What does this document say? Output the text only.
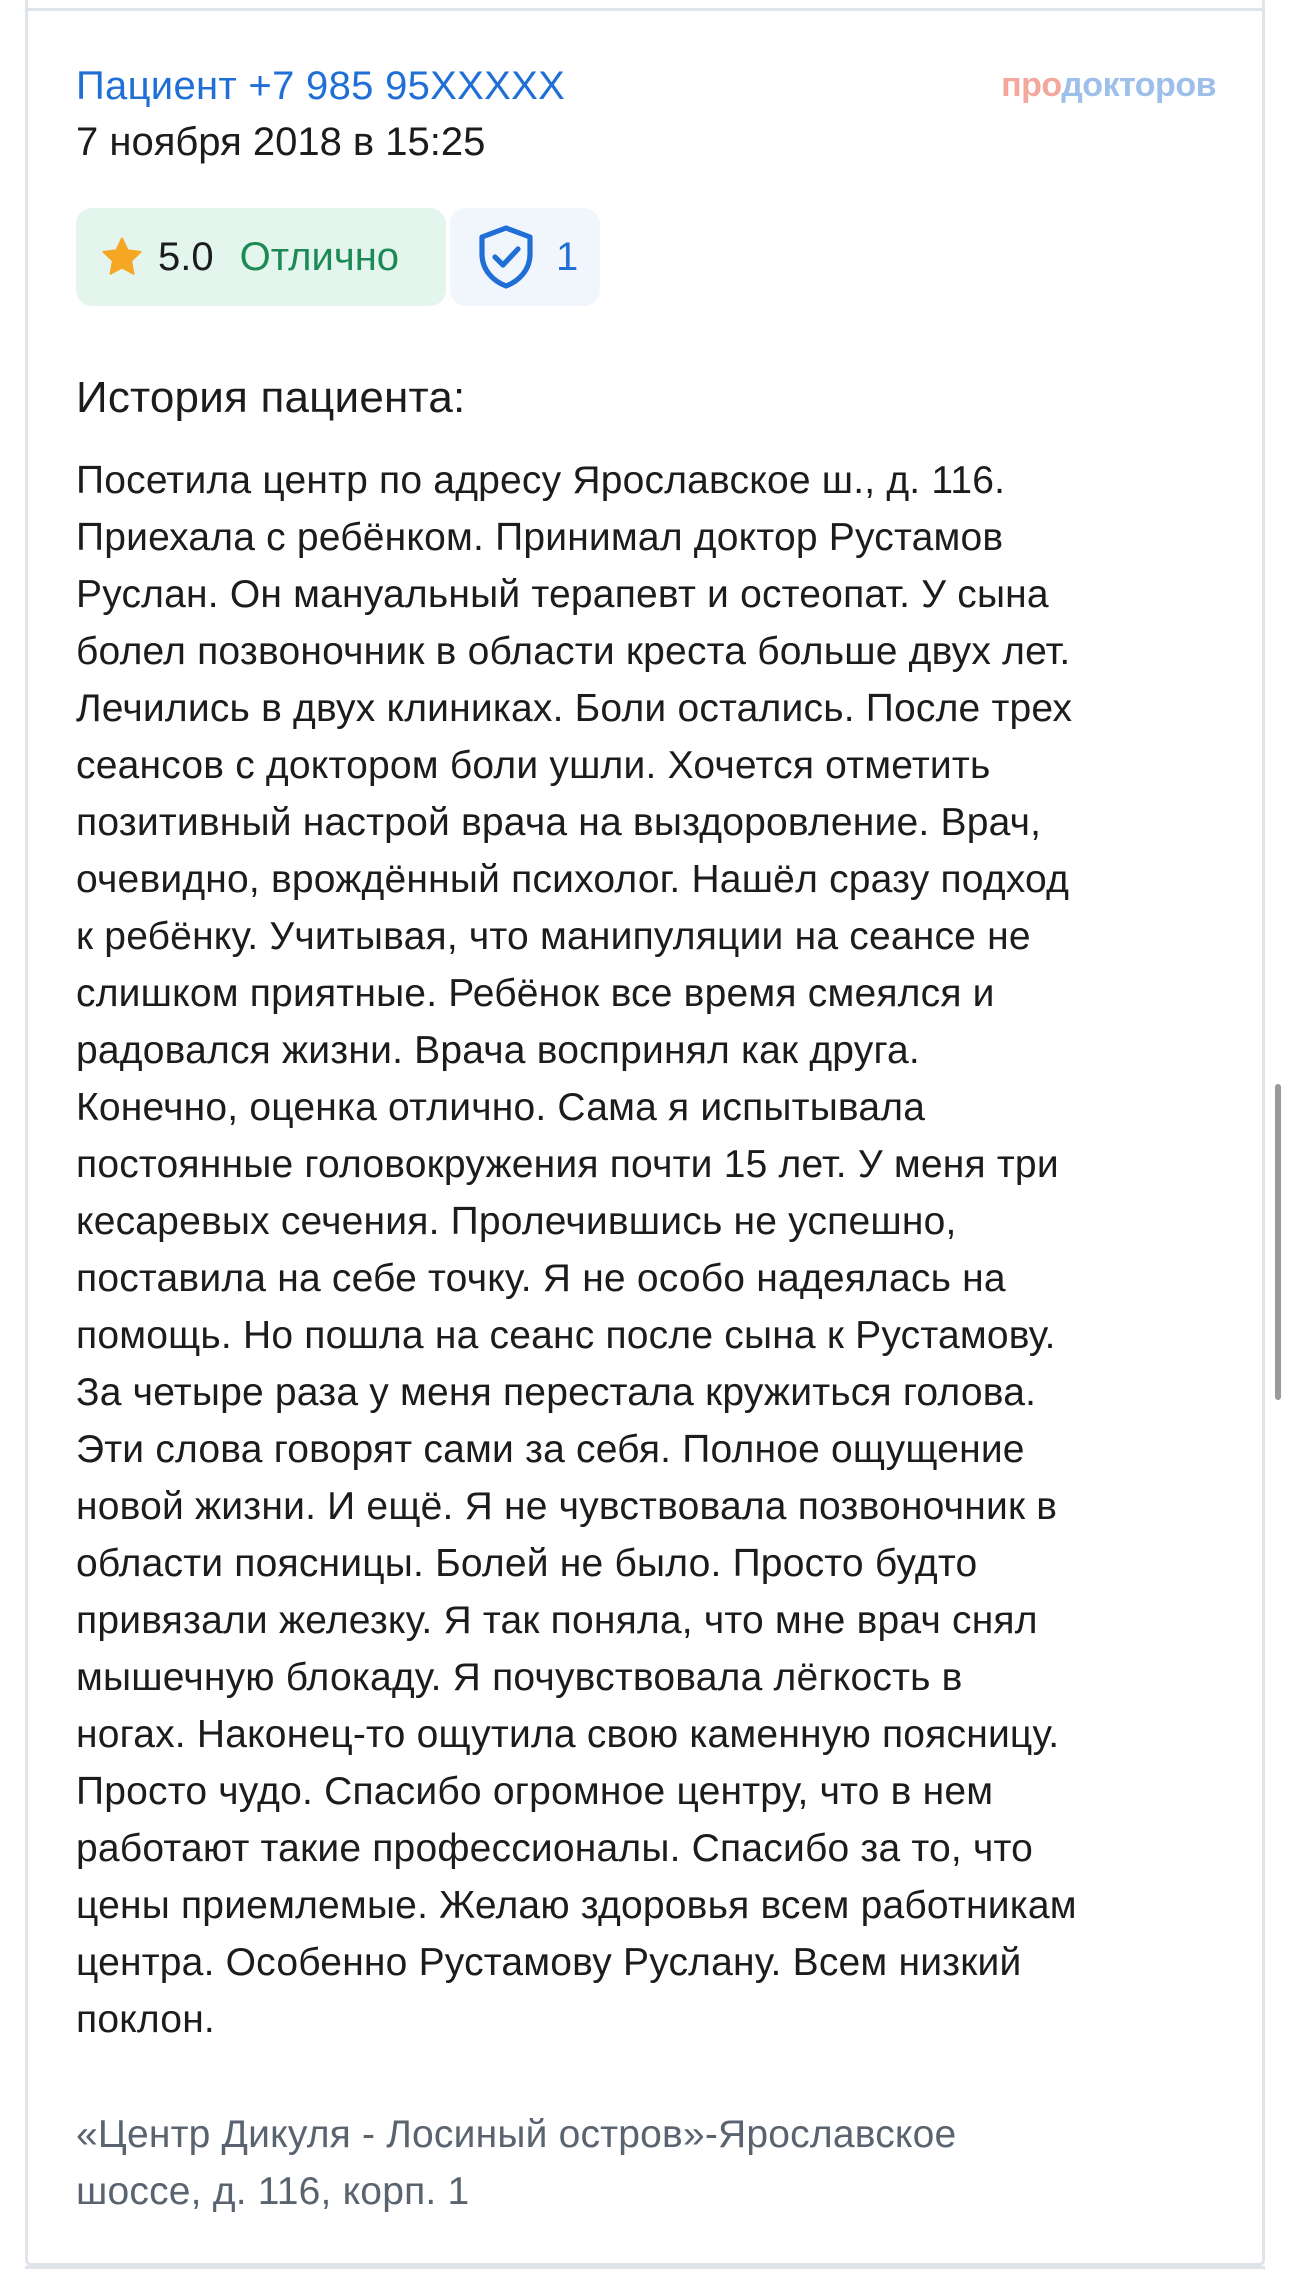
Пациент +7 985 95XXXXX
7 ноября 2018 в 15:25
продокторов
5.0 Отлично	1
История пациента:
Посетила центр по адресу Ярославское ш., д. 116.
Приехала с ребёнком. Принимал доктор Рустамов
Руслан. Он мануальный терапевт и остеопат. У сына
болел позвоночник в области креста больше двух лет.
Лечились в двух клиниках. Боли остались. После трех
сеансов с доктором боли ушли. Хочется отметить
позитивный настрой врача на выздоровление. Врач,
очевидно, врождённый психолог. Нашёл сразу подход
к ребёнку. Учитывая, что манипуляции на сеансе не
слишком приятные. Ребёнок все время смеялся и
радовался жизни. Врача воспринял как друга.
Конечно, оценка отлично. Сама я испытывала
постоянные головокружения почти 15 лет. У меня три
кесаревых сечения. Пролечившись не успешно,
поставила на себе точку. Я не особо надеялась на
помощь. Но пошла на сеанс после сына к Рустамову.
За четыре раза у меня перестала кружиться голова.
Эти слова говорят сами за себя. Полное ощущение
новой жизни. И ещё. Я не чувствовала позвоночник в
области поясницы. Болей не было. Просто будто
привязали железку. Я так поняла, что мне врач снял
мышечную блокаду. Я почувствовала лёгкость в
ногах. Наконец-то ощутила свою каменную поясницу.
Просто чудо. Спасибо огромное центру, что в нем
работают такие профессионалы. Спасибо за то, что
цены приемлемые. Желаю здоровья всем работникам
центра. Особенно Рустамову Руслану. Всем низкий
поклон.
«Центр Дикуля - Лосиный остров»-Ярославское
шоссе, д. 116, корп. 1
